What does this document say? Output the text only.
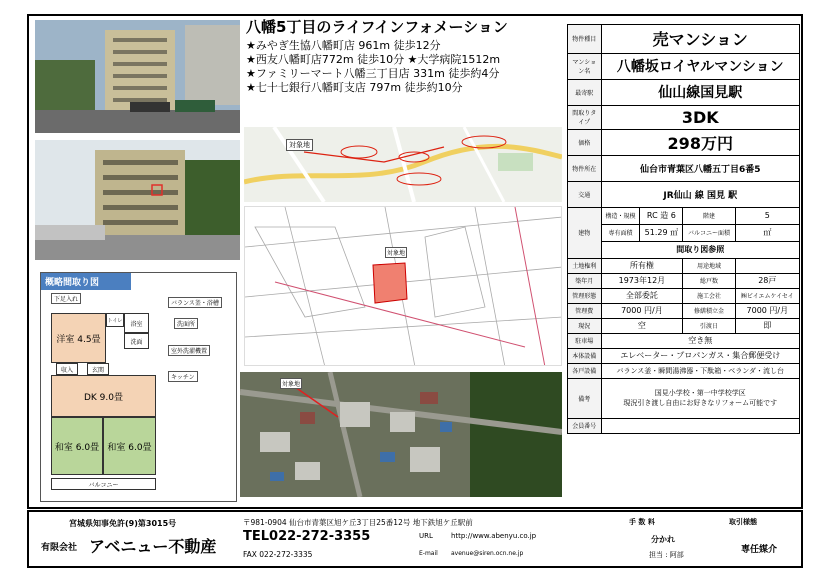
八幡5丁目のライフインフォメーション
★みやぎ生協八幡町店 961m 徒歩12分
★西友八幡町店772m 徒歩10分 ★大学病院1512m
★ファミリーマート八幡三丁目店 331m 徒歩約4分
★七十七銀行八幡町支店 797m 徒歩約10分
対象地
対象地
対象地
概略間取り図
洋室 4.5畳
トイレ	浴室
洗面
玄関
収入
DK 9.0畳
和室 6.0畳 和室 6.0畳
バルコニー
下足入れ
バランス釜・浴槽
洗面所
室外洗濯機置
キッチン
物件種目	売マンション			
マンション名	八幡坂ロイヤルマンション			
最寄駅	仙山線国見駅			
間取りタイプ	3DK			
価格	298万円			
物件所在	仙台市青葉区八幡五丁目6番5			
交通	JR仙山 線 国見 駅			
建物	構造・規模	RC 造 6	階建	5
	専有面積	51.29 ㎡	バルコニー面積	㎡
	間取り図参照			
土地権利	所有権		用途地域	
築年月	1973年12月		総戸数	28戸
管理形態	全部委託		施工会社	㈱ビイエムケイセイ
管理費	7000 円/月		修繕積立金	7000 円/月
現況	空		引渡日	即
駐車場	空き無			
本体設備	エレベーター・プロパンガス・集合郵便受け			
各戸設備	バランス釜・瞬間湯沸器・下駄箱・ベランダ・流し台			
備考	国見小学校・第一中学校学区
現況引き渡し自由にお好きなリフォーム可能です			

会員番号				
宮城県知事免許(9)第3015号
有限会社 アベニュー不動産
〒981-0904 仙台市青葉区旭ケ丘3丁目25番12号 地下鉄旭ケ丘駅前
TEL022-272-3355
FAX 022-272-3335
URL	http://www.abenyu.co.jp
E-mail avenue@siren.ocn.ne.jp
手 数 料
分かれ
担当 : 阿部
取引様態
専任媒介
